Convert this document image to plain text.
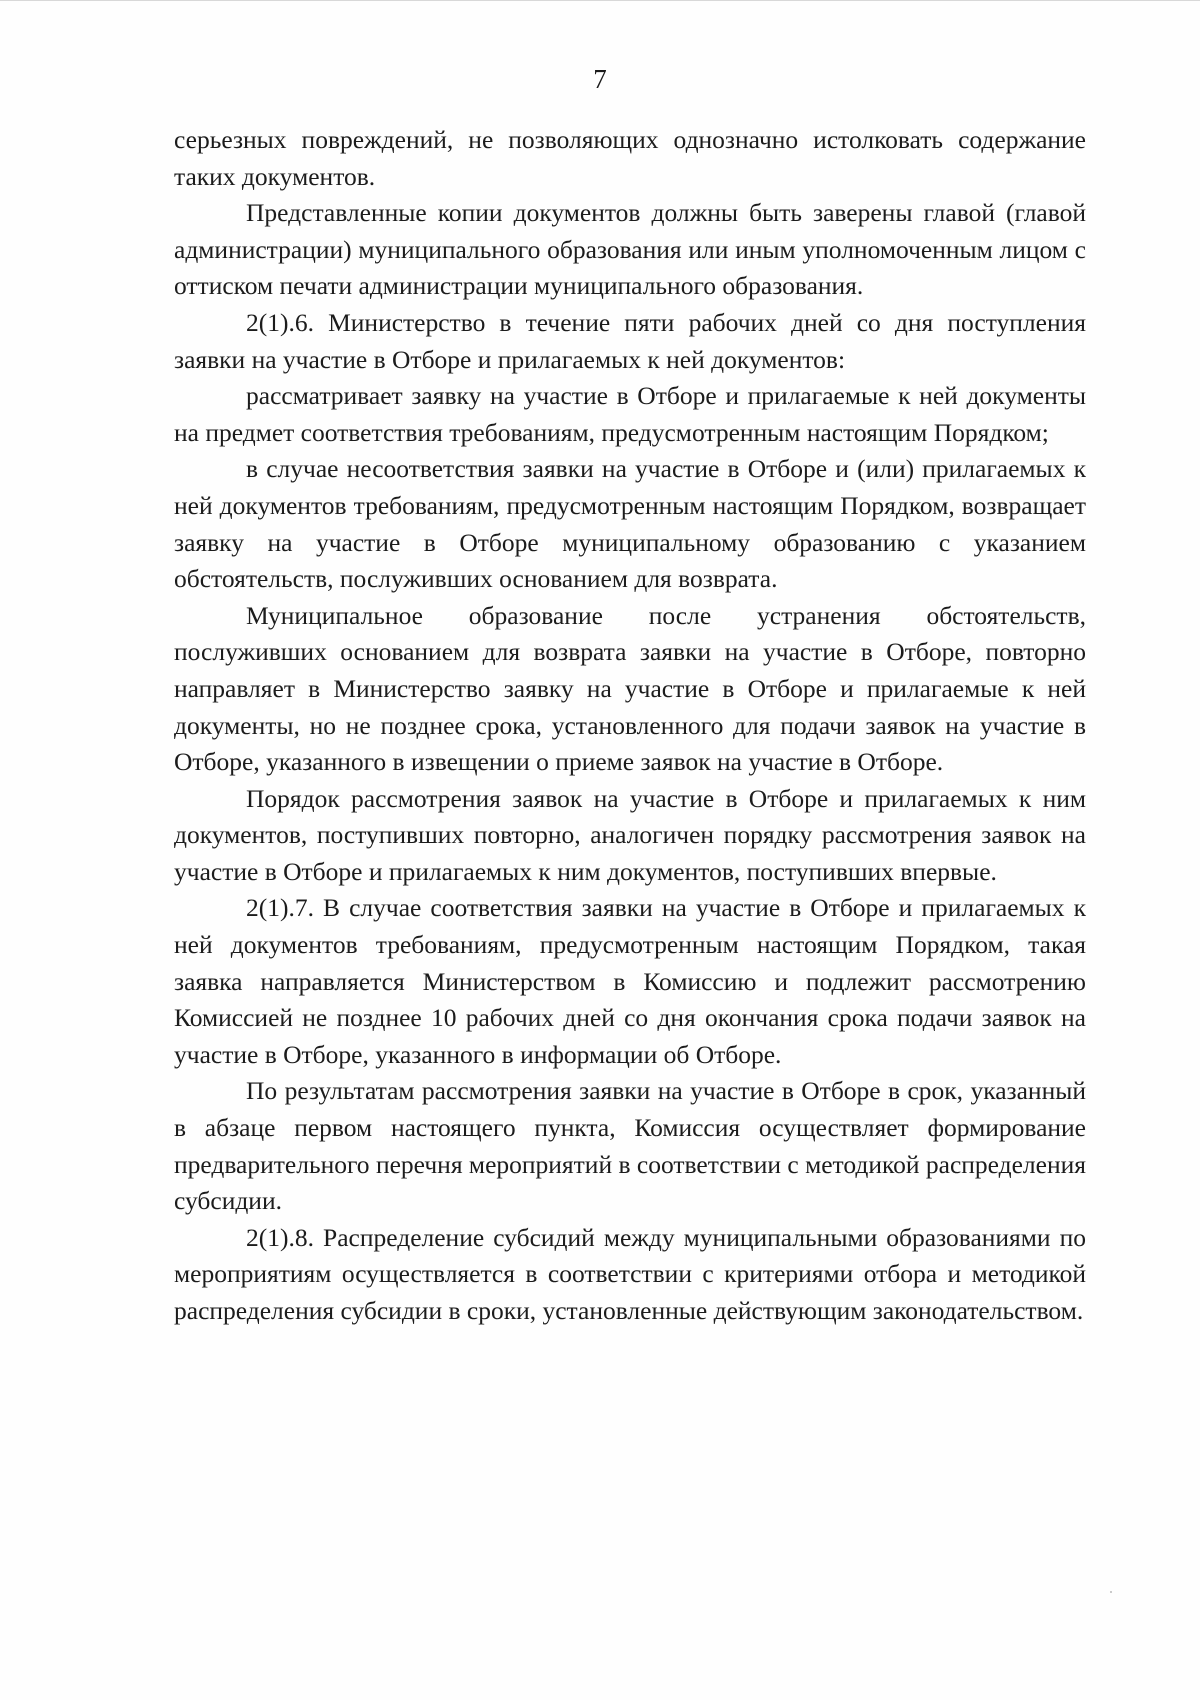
7

серьезных повреждений, не позволяющих однозначно истолковать содержание таких документов.

Представленные копии документов должны быть заверены главой (главой администрации) муниципального образования или иным уполномоченным лицом с оттиском печати администрации муниципального образования.

2(1).6. Министерство в течение пяти рабочих дней со дня поступления заявки на участие в Отборе и прилагаемых к ней документов:

рассматривает заявку на участие в Отборе и прилагаемые к ней документы на предмет соответствия требованиям, предусмотренным настоящим Порядком;

в случае несоответствия заявки на участие в Отборе и (или) прилагаемых к ней документов требованиям, предусмотренным настоящим Порядком, возвращает заявку на участие в Отборе муниципальному образованию с указанием обстоятельств, послуживших основанием для возврата.

Муниципальное образование после устранения обстоятельств, послуживших основанием для возврата заявки на участие в Отборе, повторно направляет в Министерство заявку на участие в Отборе и прилагаемые к ней документы, но не позднее срока, установленного для подачи заявок на участие в Отборе, указанного в извещении о приеме заявок на участие в Отборе.

Порядок рассмотрения заявок на участие в Отборе и прилагаемых к ним документов, поступивших повторно, аналогичен порядку рассмотрения заявок на участие в Отборе и прилагаемых к ним документов, поступивших впервые.

2(1).7. В случае соответствия заявки на участие в Отборе и прилагаемых к ней документов требованиям, предусмотренным настоящим Порядком, такая заявка направляется Министерством в Комиссию и подлежит рассмотрению Комиссией не позднее 10 рабочих дней со дня окончания срока подачи заявок на участие в Отборе, указанного в информации об Отборе.

По результатам рассмотрения заявки на участие в Отборе в срок, указанный в абзаце первом настоящего пункта, Комиссия осуществляет формирование предварительного перечня мероприятий в соответствии с методикой распределения субсидии.

2(1).8. Распределение субсидий между муниципальными образованиями по мероприятиям осуществляется в соответствии с критериями отбора и методикой распределения субсидии в сроки, установленные действующим законодательством.
